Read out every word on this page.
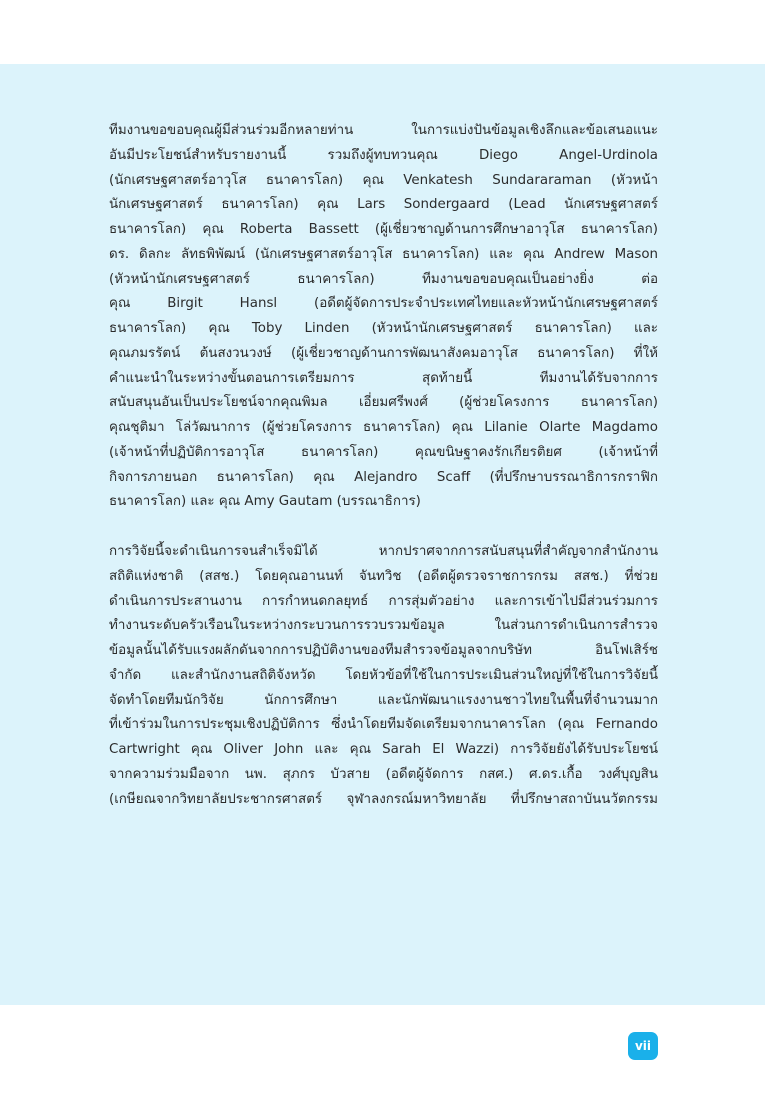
ทีมงานขอขอบคุณผู้มีส่วนร่วมอีกหลายท่าน ในการแบ่งปันข้อมูลเชิงลึกและข้อเสนอแนะ
อันมีประโยชน์สำหรับรายงานนี้ รวมถึงผู้ทบทวนคุณ Diego Angel-Urdinola
(นักเศรษฐศาสตร์อาวุโส ธนาคารโลก) คุณ Venkatesh Sundararaman (หัวหน้า
นักเศรษฐศาสตร์ ธนาคารโลก) คุณ Lars Sondergaard (Lead นักเศรษฐศาสตร์
ธนาคารโลก) คุณ Roberta Bassett (ผู้เชี่ยวชาญด้านการศึกษาอาวุโส ธนาคารโลก)
ดร. ดิลกะ ลัทธพิพัฒน์ (นักเศรษฐศาสตร์อาวุโส ธนาคารโลก) และ คุณ Andrew Mason
(หัวหน้านักเศรษฐศาสตร์ ธนาคารโลก) ทีมงานขอขอบคุณเป็นอย่างยิ่ง ต่อ
คุณ Birgit Hansl (อดีตผู้จัดการประจำประเทศไทยและหัวหน้านักเศรษฐศาสตร์
ธนาคารโลก) คุณ Toby Linden (หัวหน้านักเศรษฐศาสตร์ ธนาคารโลก) และ
คุณภมรรัตน์ ต้นสงวนวงษ์ (ผู้เชี่ยวชาญด้านการพัฒนาสังคมอาวุโส ธนาคารโลก) ที่ให้
คำแนะนำในระหว่างขั้นตอนการเตรียมการ สุดท้ายนี้ ทีมงานได้รับจากการ
สนับสนุนอันเป็นประโยชน์จากคุณพิมล เอี่ยมศรีพงศ์ (ผู้ช่วยโครงการ ธนาคารโลก)
คุณชุติมา โล่วัฒนาการ (ผู้ช่วยโครงการ ธนาคารโลก) คุณ Lilanie Olarte Magdamo
(เจ้าหน้าที่ปฏิบัติการอาวุโส ธนาคารโลก) คุณขนิษฐาคงรักเกียรติยศ (เจ้าหน้าที่
กิจการภายนอก ธนาคารโลก) คุณ Alejandro Scaff (ที่ปรึกษาบรรณาธิการกราฟิก
ธนาคารโลก) และ คุณ Amy Gautam (บรรณาธิการ)
การวิจัยนี้จะดำเนินการจนสำเร็จมิได้ หากปราศจากการสนับสนุนที่สำคัญจากสำนักงาน
สถิติแห่งชาติ (สสช.) โดยคุณอานนท์ จันทวิช (อดีตผู้ตรวจราชการกรม สสช.) ที่ช่วย
ดำเนินการประสานงาน การกำหนดกลยุทธ์ การสุ่มตัวอย่าง และการเข้าไปมีส่วนร่วมการ
ทำงานระดับครัวเรือนในระหว่างกระบวนการรวบรวมข้อมูล ในส่วนการดำเนินการสำรวจ
ข้อมูลนั้นได้รับแรงผลักดันจากการปฏิบัติงานของทีมสำรวจข้อมูลจากบริษัท อินโฟเสิร์ช
จำกัด และสำนักงานสถิติจังหวัด โดยหัวข้อที่ใช้ในการประเมินส่วนใหญ่ที่ใช้ในการวิจัยนี้
จัดทำโดยทีมนักวิจัย นักการศึกษา และนักพัฒนาแรงงานชาวไทยในพื้นที่จำนวนมาก
ที่เข้าร่วมในการประชุมเชิงปฏิบัติการ ซึ่งนำโดยทีมจัดเตรียมจากนาคารโลก (คุณ Fernando
Cartwright คุณ Oliver John และ คุณ Sarah El Wazzi) การวิจัยยังได้รับประโยชน์
จากความร่วมมือจาก นพ. สุภกร บัวสาย (อดีตผู้จัดการ กสศ.) ศ.ดร.เกื้อ วงศ์บุญสิน
(เกษียณจากวิทยาลัยประชากรศาสตร์ จุฬาลงกรณ์มหาวิทยาลัย ที่ปรึกษาสถาบันนวัตกรรม
vii
